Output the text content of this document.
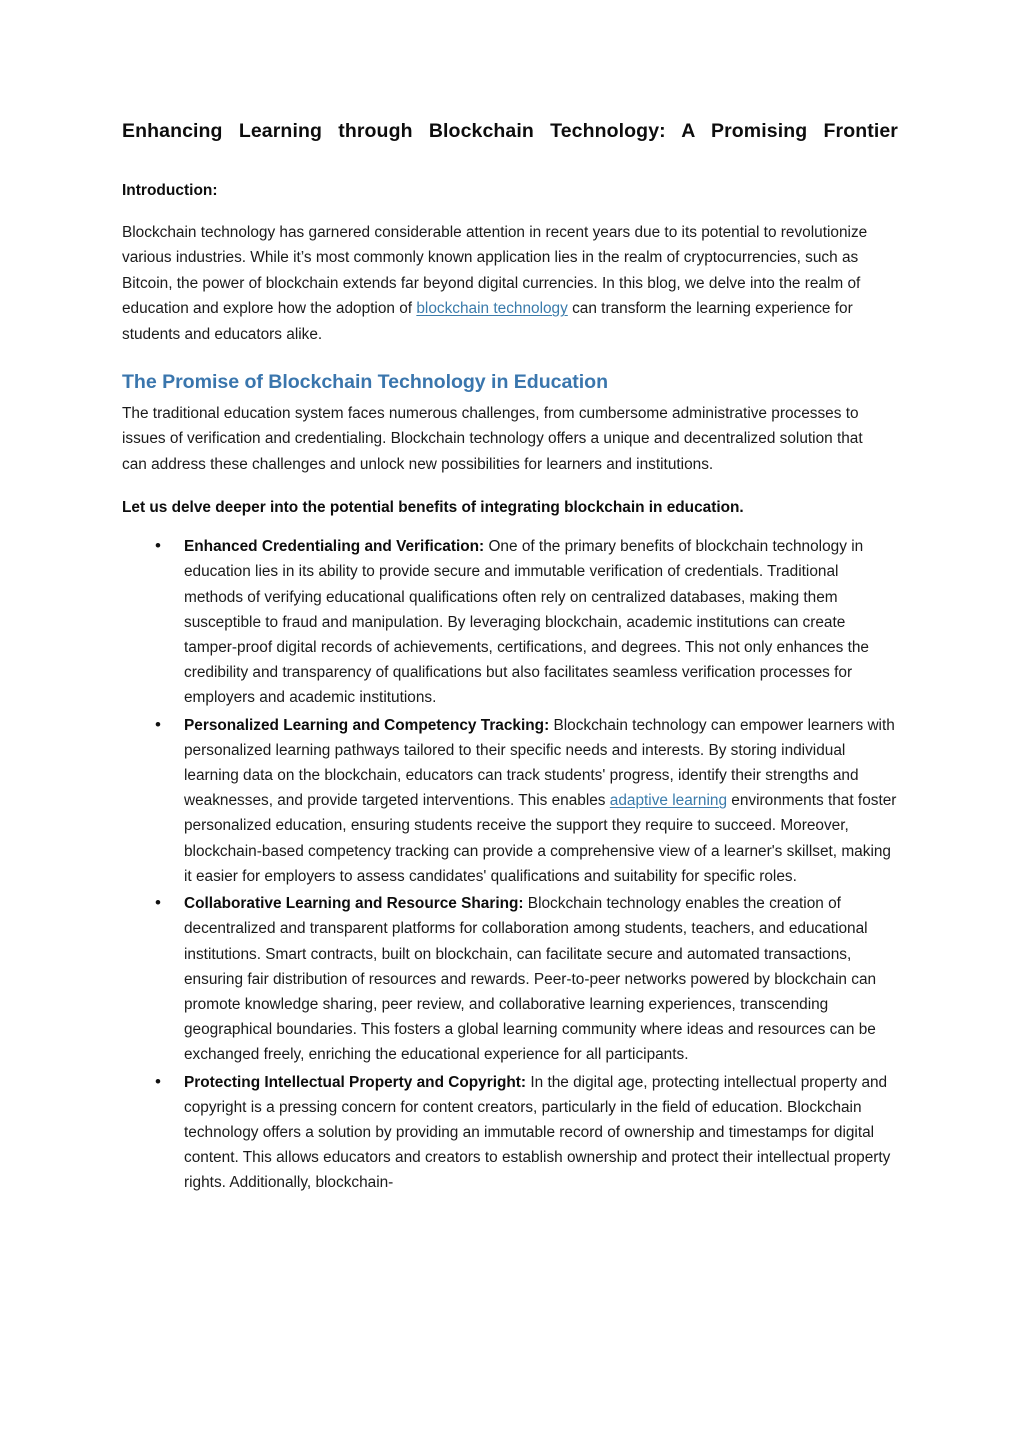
Enhancing Learning through Blockchain Technology: A Promising Frontier
Introduction:

Blockchain technology has garnered considerable attention in recent years due to its potential to revolutionize various industries. While it’s most commonly known application lies in the realm of cryptocurrencies, such as Bitcoin, the power of blockchain extends far beyond digital currencies. In this blog, we delve into the realm of education and explore how the adoption of blockchain technology can transform the learning experience for students and educators alike.

The Promise of Blockchain Technology in Education

The traditional education system faces numerous challenges, from cumbersome administrative processes to issues of verification and credentialing. Blockchain technology offers a unique and decentralized solution that can address these challenges and unlock new possibilities for learners and institutions.

Let us delve deeper into the potential benefits of integrating blockchain in education.

• Enhanced Credentialing and Verification: One of the primary benefits of blockchain technology in education lies in its ability to provide secure and immutable verification of credentials. Traditional methods of verifying educational qualifications often rely on centralized databases, making them susceptible to fraud and manipulation. By leveraging blockchain, academic institutions can create tamper-proof digital records of achievements, certifications, and degrees. This not only enhances the credibility and transparency of qualifications but also facilitates seamless verification processes for employers and academic institutions.
• Personalized Learning and Competency Tracking: Blockchain technology can empower learners with personalized learning pathways tailored to their specific needs and interests. By storing individual learning data on the blockchain, educators can track students' progress, identify their strengths and weaknesses, and provide targeted interventions. This enables adaptive learning environments that foster personalized education, ensuring students receive the support they require to succeed. Moreover, blockchain-based competency tracking can provide a comprehensive view of a learner's skillset, making it easier for employers to assess candidates' qualifications and suitability for specific roles.
• Collaborative Learning and Resource Sharing: Blockchain technology enables the creation of decentralized and transparent platforms for collaboration among students, teachers, and educational institutions. Smart contracts, built on blockchain, can facilitate secure and automated transactions, ensuring fair distribution of resources and rewards. Peer-to-peer networks powered by blockchain can promote knowledge sharing, peer review, and collaborative learning experiences, transcending geographical boundaries. This fosters a global learning community where ideas and resources can be exchanged freely, enriching the educational experience for all participants.
• Protecting Intellectual Property and Copyright: In the digital age, protecting intellectual property and copyright is a pressing concern for content creators, particularly in the field of education. Blockchain technology offers a solution by providing an immutable record of ownership and timestamps for digital content. This allows educators and creators to establish ownership and protect their intellectual property rights. Additionally, blockchain-
